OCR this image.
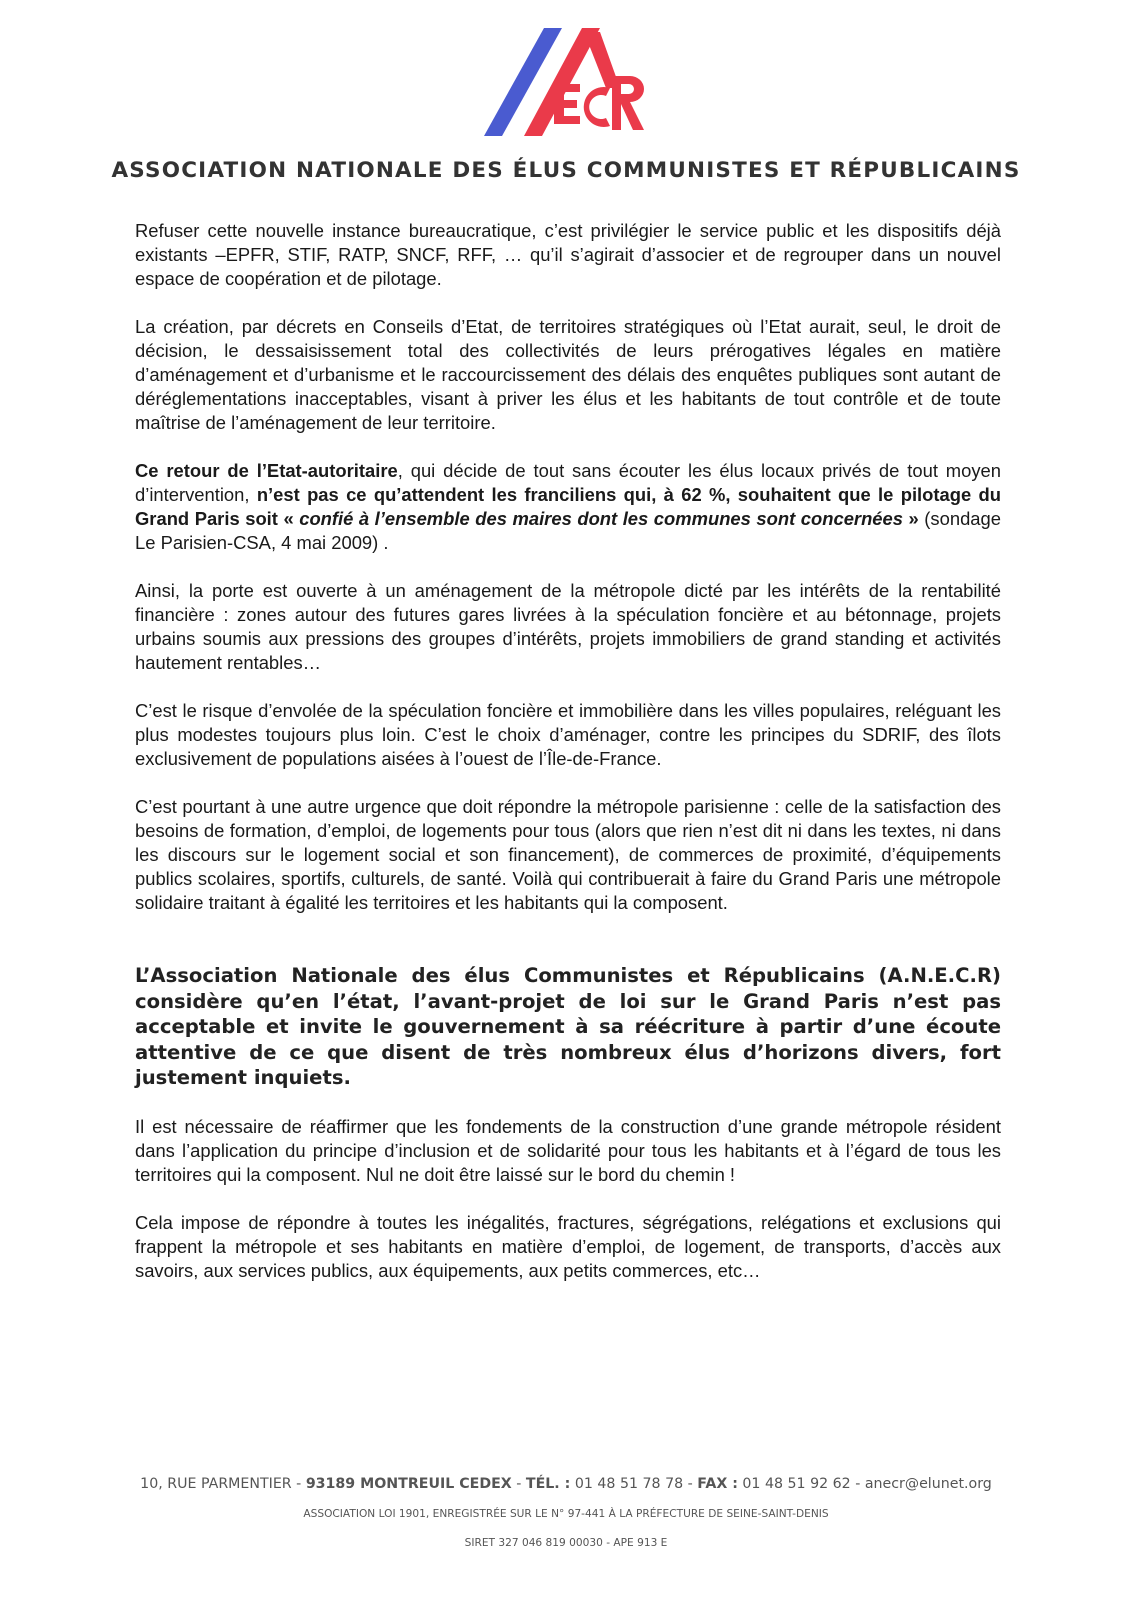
ASSOCIATION NATIONALE DES ÉLUS COMMUNISTES ET RÉPUBLICAINS

Refuser cette nouvelle instance bureaucratique, c’est privilégier le service public et les dispositifs déjà existants –EPFR, STIF, RATP, SNCF, RFF, … qu’il s’agirait d’associer et de regrouper dans un nouvel espace de coopération et de pilotage.

La création, par décrets en Conseils d’Etat, de territoires stratégiques où l’Etat aurait, seul, le droit de décision, le dessaisissement total des collectivités de leurs prérogatives légales en matière d’aménagement et d’urbanisme et le raccourcissement des délais des enquêtes publiques sont autant de déréglementations inacceptables, visant à priver les élus et les habitants de tout contrôle et de toute maîtrise de l’aménagement de leur territoire.

Ce retour de l’Etat-autoritaire, qui décide de tout sans écouter les élus locaux privés de tout moyen d’intervention, n’est pas ce qu’attendent les franciliens qui, à 62 %, souhaitent que le pilotage du Grand Paris soit « confié à l’ensemble des maires dont les communes sont concernées » (sondage Le Parisien-CSA, 4 mai 2009) .

Ainsi, la porte est ouverte à un aménagement de la métropole dicté par les intérêts de la rentabilité financière : zones autour des futures gares livrées à la spéculation foncière et au bétonnage, projets urbains soumis aux pressions des groupes d’intérêts, projets immobiliers de grand standing et activités hautement rentables…

C’est le risque d’envolée de la spéculation foncière et immobilière dans les villes populaires, reléguant les plus modestes toujours plus loin. C’est le choix d’aménager, contre les principes du SDRIF, des îlots exclusivement de populations aisées à l’ouest de l’Île-de-France.

C’est pourtant à une autre urgence que doit répondre la métropole parisienne : celle de la satisfaction des besoins de formation, d’emploi, de logements pour tous (alors que rien n’est dit ni dans les textes, ni dans les discours sur le logement social et son financement), de commerces de proximité, d’équipements publics scolaires, sportifs, culturels, de santé. Voilà qui contribuerait à faire du Grand Paris une métropole solidaire traitant à égalité les territoires et les habitants qui la composent.

L’Association Nationale des élus Communistes et Républicains (A.N.E.C.R) considère qu’en l’état, l’avant-projet de loi sur le Grand Paris n’est pas acceptable et invite le gouvernement à sa réécriture à partir d’une écoute attentive de ce que disent de très nombreux élus d’horizons divers, fort justement inquiets.

Il est nécessaire de réaffirmer que les fondements de la construction d’une grande métropole résident dans l’application du principe d’inclusion et de solidarité pour tous les habitants et à l’égard de tous les territoires qui la composent. Nul ne doit être laissé sur le bord du chemin !

Cela impose de répondre à toutes les inégalités, fractures, ségrégations, relégations et exclusions qui frappent la métropole et ses habitants en matière d’emploi, de logement, de transports, d’accès aux savoirs, aux services publics, aux équipements, aux petits commerces, etc…

10, RUE PARMENTIER - 93189 MONTREUIL CEDEX - TÉL. : 01 48 51 78 78 - FAX : 01 48 51 92 62 - anecr@elunet.org

ASSOCIATION LOI 1901, ENREGISTRÉE SUR LE N° 97-441 À LA PRÉFECTURE DE SEINE-SAINT-DENIS

SIRET 327 046 819 00030 - APE 913 E
